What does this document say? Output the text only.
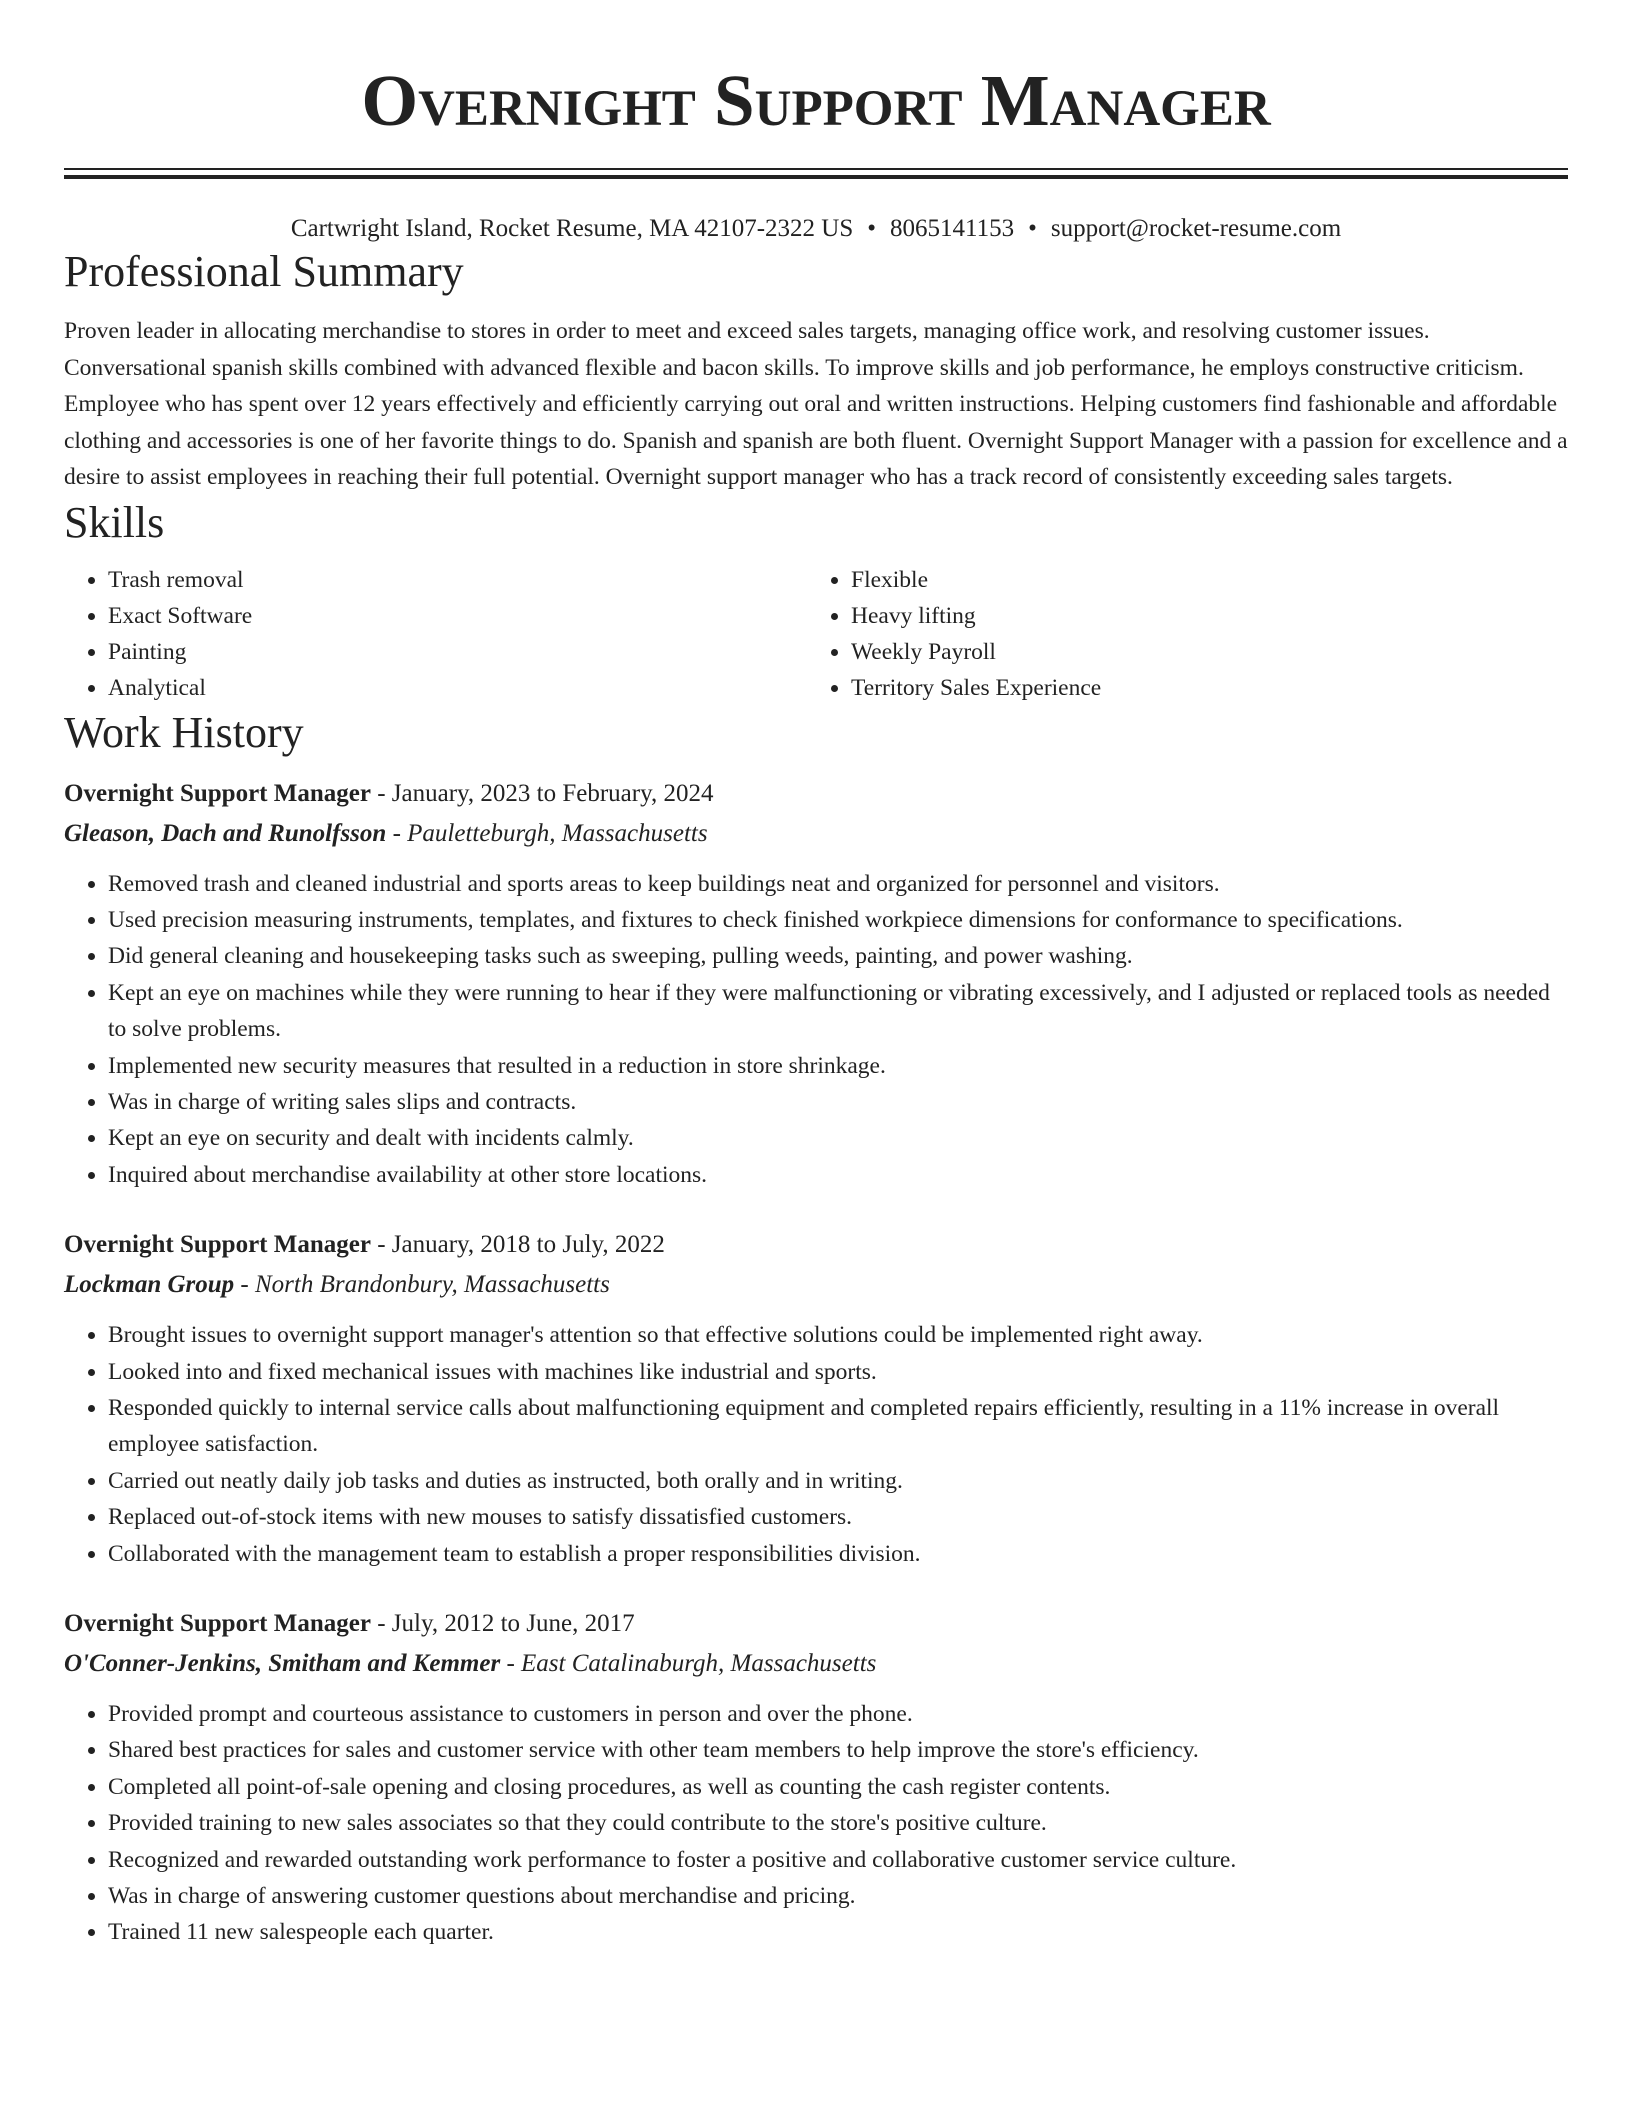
Overnight Support Manager
Cartwright Island, Rocket Resume, MA 42107-2322 US • 8065141153 • support@rocket-resume.com
Professional Summary

Proven leader in allocating merchandise to stores in order to meet and exceed sales targets, managing office work, and resolving customer issues. Conversational spanish skills combined with advanced flexible and bacon skills. To improve skills and job performance, he employs constructive criticism. Employee who has spent over 12 years effectively and efficiently carrying out oral and written instructions. Helping customers find fashionable and affordable clothing and accessories is one of her favorite things to do. Spanish and spanish are both fluent. Overnight Support Manager with a passion for excellence and a desire to assist employees in reaching their full potential. Overnight support manager who has a track record of consistently exceeding sales targets.

Skills
• Trash removal
• Exact Software
• Painting
• Analytical
• Flexible
• Heavy lifting
• Weekly Payroll
• Territory Sales Experience
Work History
Overnight Support Manager - January, 2023 to February, 2024
Gleason, Dach and Runolfsson - Pauletteburgh, Massachusetts
• Removed trash and cleaned industrial and sports areas to keep buildings neat and organized for personnel and visitors.
• Used precision measuring instruments, templates, and fixtures to check finished workpiece dimensions for conformance to specifications.
• Did general cleaning and housekeeping tasks such as sweeping, pulling weeds, painting, and power washing.
• Kept an eye on machines while they were running to hear if they were malfunctioning or vibrating excessively, and I adjusted or replaced tools as needed to solve problems.
• Implemented new security measures that resulted in a reduction in store shrinkage.
• Was in charge of writing sales slips and contracts.
• Kept an eye on security and dealt with incidents calmly.
• Inquired about merchandise availability at other store locations.
Overnight Support Manager - January, 2018 to July, 2022
Lockman Group - North Brandonbury, Massachusetts
• Brought issues to overnight support manager's attention so that effective solutions could be implemented right away.
• Looked into and fixed mechanical issues with machines like industrial and sports.
• Responded quickly to internal service calls about malfunctioning equipment and completed repairs efficiently, resulting in a 11% increase in overall employee satisfaction.
• Carried out neatly daily job tasks and duties as instructed, both orally and in writing.
• Replaced out-of-stock items with new mouses to satisfy dissatisfied customers.
• Collaborated with the management team to establish a proper responsibilities division.
Overnight Support Manager - July, 2012 to June, 2017
O'Conner-Jenkins, Smitham and Kemmer - East Catalinaburgh, Massachusetts
• Provided prompt and courteous assistance to customers in person and over the phone.
• Shared best practices for sales and customer service with other team members to help improve the store's efficiency.
• Completed all point-of-sale opening and closing procedures, as well as counting the cash register contents.
• Provided training to new sales associates so that they could contribute to the store's positive culture.
• Recognized and rewarded outstanding work performance to foster a positive and collaborative customer service culture.
• Was in charge of answering customer questions about merchandise and pricing.
• Trained 11 new salespeople each quarter.
